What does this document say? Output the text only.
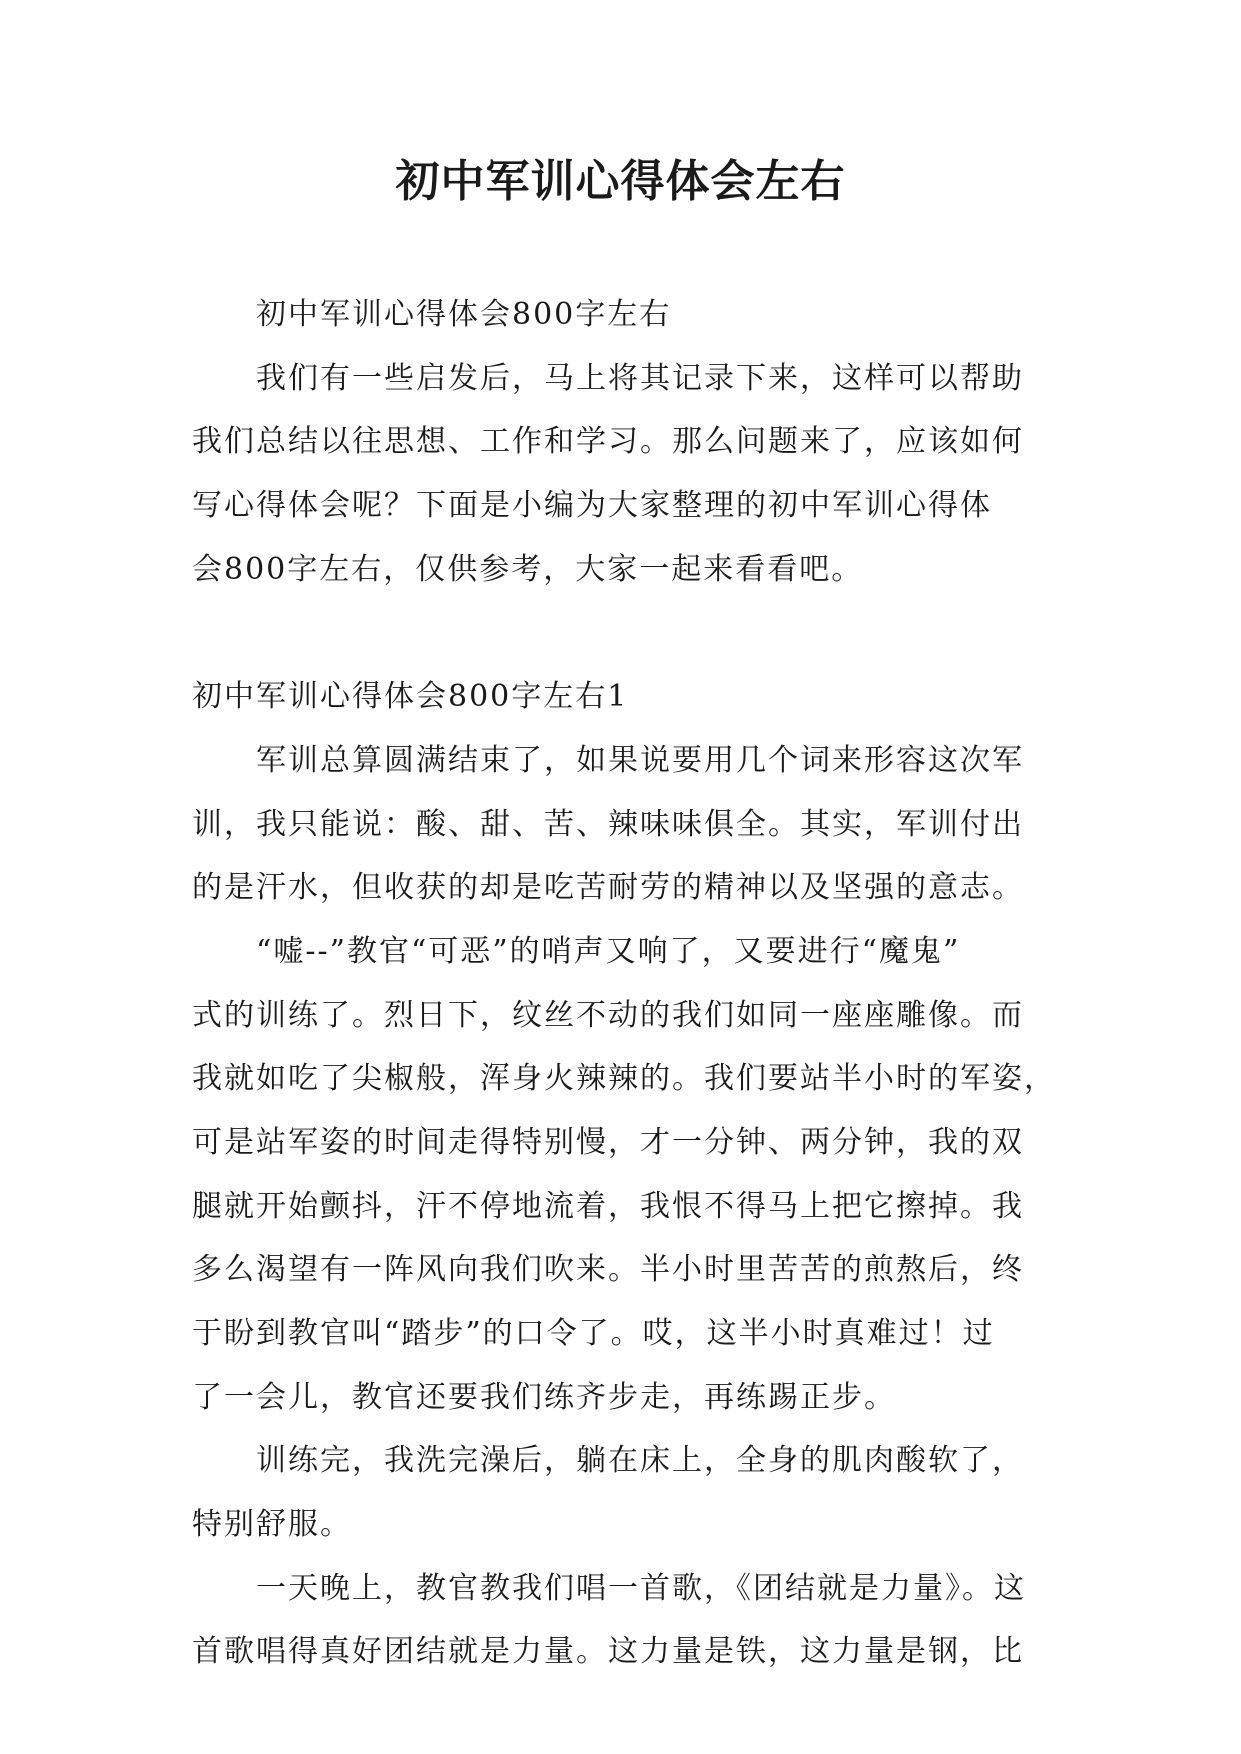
初中军训心得体会左右
初中军训心得体会800字左右
我们有一些启发后，马上将其记录下来，这样可以帮助
我们总结以往思想、工作和学习。那么问题来了，应该如何
写心得体会呢？下面是小编为大家整理的初中军训心得体
会800字左右，仅供参考，大家一起来看看吧。
初中军训心得体会800字左右1
军训总算圆满结束了，如果说要用几个词来形容这次军
训，我只能说：酸、甜、苦、辣味味俱全。其实，军训付出
的是汗水，但收获的却是吃苦耐劳的精神以及坚强的意志。
“嘘--”教官“可恶”的哨声又响了，又要进行“魔鬼”
式的训练了。烈日下，纹丝不动的我们如同一座座雕像。而
我就如吃了尖椒般，浑身火辣辣的。我们要站半小时的军姿，
可是站军姿的时间走得特别慢，才一分钟、两分钟，我的双
腿就开始颤抖，汗不停地流着，我恨不得马上把它擦掉。我
多么渴望有一阵风向我们吹来。半小时里苦苦的煎熬后，终
于盼到教官叫“踏步”的口令了。哎，这半小时真难过！过
了一会儿，教官还要我们练齐步走，再练踢正步。
训练完，我洗完澡后，躺在床上，全身的肌肉酸软了，
特别舒服。
一天晚上，教官教我们唱一首歌，《团结就是力量》。这
首歌唱得真好团结就是力量。这力量是铁，这力量是钢，比
